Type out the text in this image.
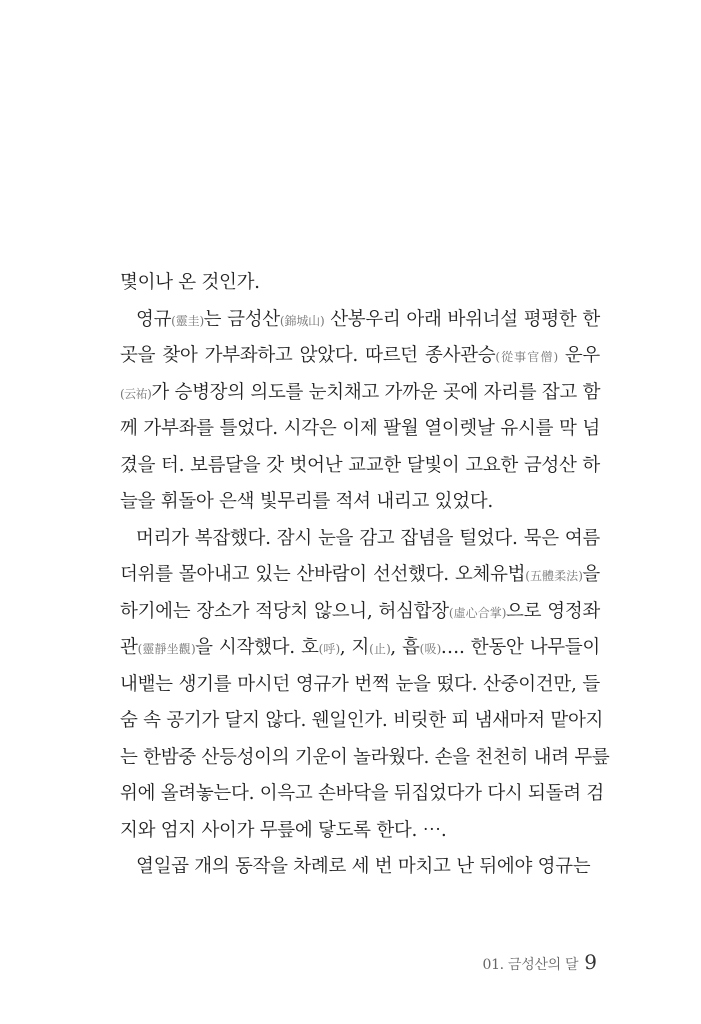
몇이나 온 것인가.
영규(靈圭)는 금성산(錦城山) 산봉우리 아래 바위너설 평평한 한
곳을 찾아 가부좌하고 앉았다. 따르던 종사관승(從事官僧) 운우
(云祐)가 승병장의 의도를 눈치채고 가까운 곳에 자리를 잡고 함
께 가부좌를 틀었다. 시각은 이제 팔월 열이렛날 유시를 막 넘
겼을 터. 보름달을 갓 벗어난 교교한 달빛이 고요한 금성산 하
늘을 휘돌아 은색 빛무리를 적셔 내리고 있었다.
머리가 복잡했다. 잠시 눈을 감고 잡념을 털었다. 묵은 여름
더위를 몰아내고 있는 산바람이 선선했다. 오체유법(五體柔法)을
하기에는 장소가 적당치 않으니, 허심합장(虛心合掌)으로 영정좌
관(靈靜坐觀)을 시작했다. 호(呼), 지(止), 흡(吸)…. 한동안 나무들이
내뱉는 생기를 마시던 영규가 번쩍 눈을 떴다. 산중이건만, 들
숨 속 공기가 달지 않다. 웬일인가. 비릿한 피 냄새마저 맡아지
는 한밤중 산등성이의 기운이 놀라웠다. 손을 천천히 내려 무릎
위에 올려놓는다. 이윽고 손바닥을 뒤집었다가 다시 되돌려 검
지와 엄지 사이가 무릎에 닿도록 한다. ⋯.
열일곱 개의 동작을 차례로 세 번 마치고 난 뒤에야 영규는
01. 금성산의 달 9
